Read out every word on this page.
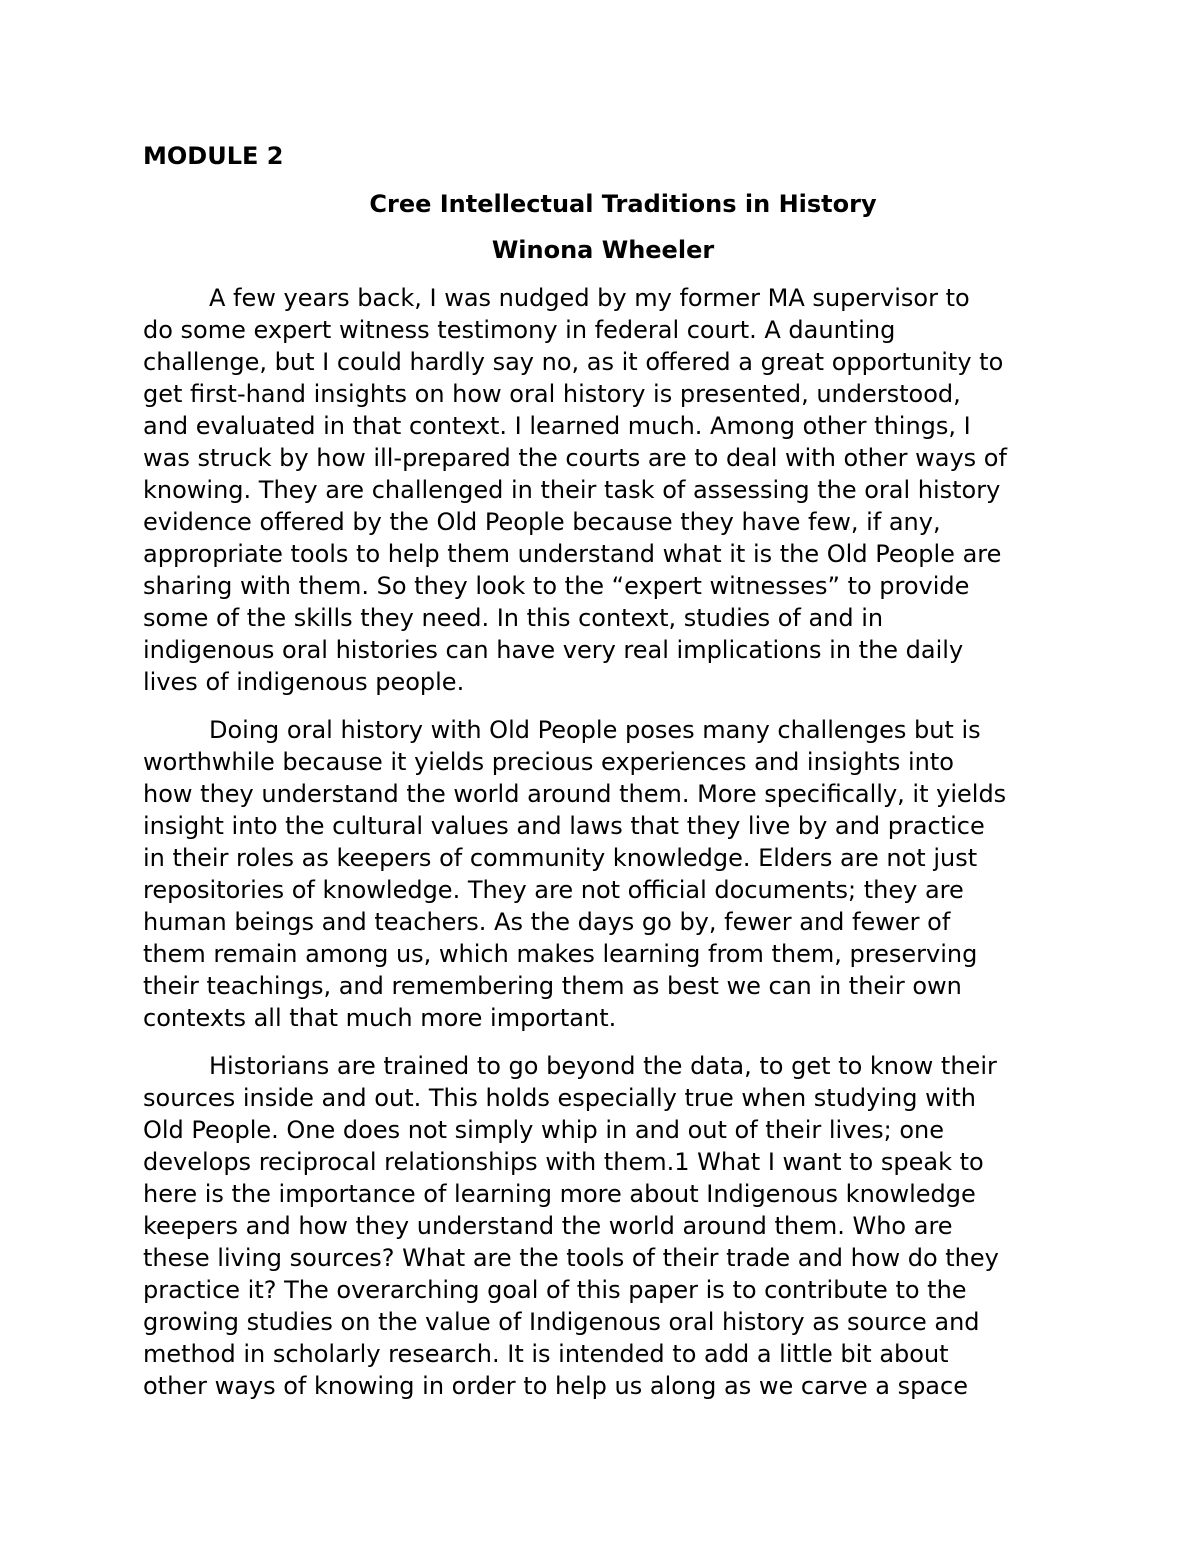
MODULE 2
Cree Intellectual Traditions in History
Winona Wheeler

A few years back, I was nudged by my former MA supervisor to
do some expert witness testimony in federal court. A daunting
challenge, but I could hardly say no, as it offered a great opportunity to
get first-hand insights on how oral history is presented, understood,
and evaluated in that context. I learned much. Among other things, I
was struck by how ill-prepared the courts are to deal with other ways of
knowing. They are challenged in their task of assessing the oral history
evidence offered by the Old People because they have few, if any,
appropriate tools to help them understand what it is the Old People are
sharing with them. So they look to the “expert witnesses” to provide
some of the skills they need. In this context, studies of and in
indigenous oral histories can have very real implications in the daily
lives of indigenous people.

Doing oral history with Old People poses many challenges but is
worthwhile because it yields precious experiences and insights into
how they understand the world around them. More specifically, it yields
insight into the cultural values and laws that they live by and practice
in their roles as keepers of community knowledge. Elders are not just
repositories of knowledge. They are not official documents; they are
human beings and teachers. As the days go by, fewer and fewer of
them remain among us, which makes learning from them, preserving
their teachings, and remembering them as best we can in their own
contexts all that much more important.

Historians are trained to go beyond the data, to get to know their
sources inside and out. This holds especially true when studying with
Old People. One does not simply whip in and out of their lives; one
develops reciprocal relationships with them.1 What I want to speak to
here is the importance of learning more about Indigenous knowledge
keepers and how they understand the world around them. Who are
these living sources? What are the tools of their trade and how do they
practice it? The overarching goal of this paper is to contribute to the
growing studies on the value of Indigenous oral history as source and
method in scholarly research. It is intended to add a little bit about
other ways of knowing in order to help us along as we carve a space
